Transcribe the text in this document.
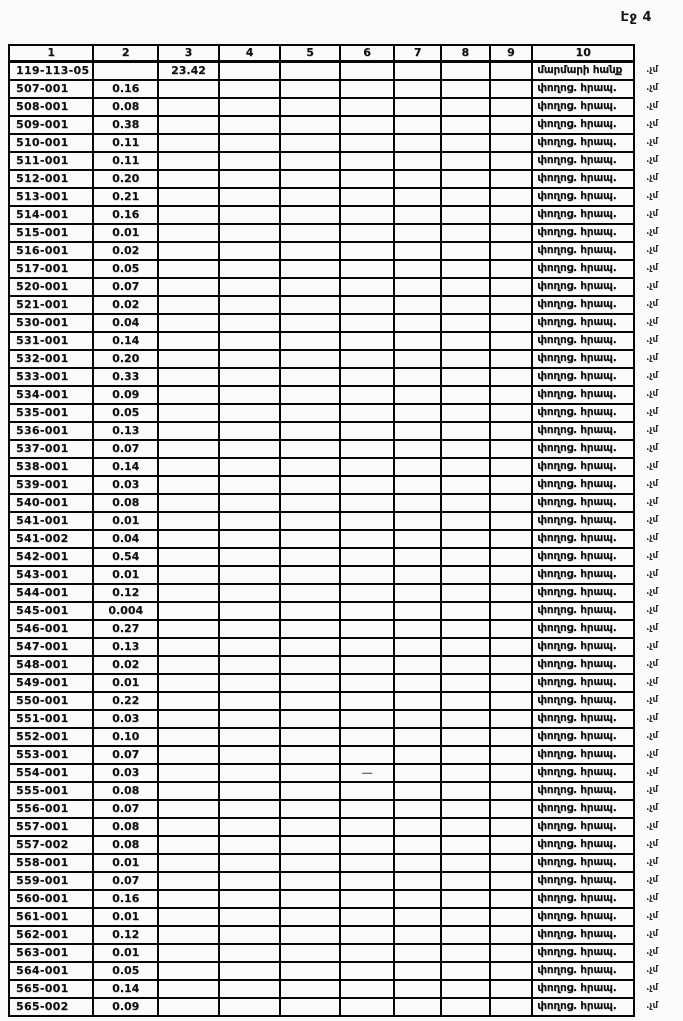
Էջ 4
1	2	3	4	5	6	7	8	9	10	
119-113-05		23.42							մարմարի հանք	.չմ
507-001	0.16								փողոց. հրապ.	.չմ
508-001	0.08								փողոց. հրապ.	.չմ
509-001	0.38								փողոց. հրապ.	.չմ
510-001	0.11								փողոց. հրապ.	.չմ
511-001	0.11								փողոց. հրապ.	.չմ
512-001	0.20								փողոց. հրապ.	.չմ
513-001	0.21								փողոց. հրապ.	.չմ
514-001	0.16								փողոց. հրապ.	.չմ
515-001	0.01								փողոց. հրապ.	.չմ
516-001	0.02								փողոց. հրապ.	.չմ
517-001	0.05								փողոց. հրապ.	.չմ
520-001	0.07								փողոց. հրապ.	.չմ
521-001	0.02								փողոց. հրապ.	.չմ
530-001	0.04								փողոց. հրապ.	.չմ
531-001	0.14								փողոց. հրապ.	.չմ
532-001	0.20								փողոց. հրապ.	.չմ
533-001	0.33								փողոց. հրապ.	.չմ
534-001	0.09								փողոց. հրապ.	.չմ
535-001	0.05								փողոց. հրապ.	.չմ
536-001	0.13								փողոց. հրապ.	.չմ
537-001	0.07								փողոց. հրապ.	.չմ
538-001	0.14								փողոց. հրապ.	.չմ
539-001	0.03								փողոց. հրապ.	.չմ
540-001	0.08								փողոց. հրապ.	.չմ
541-001	0.01								փողոց. հրապ.	.չմ
541-002	0.04								փողոց. հրապ.	.չմ
542-001	0.54								փողոց. հրապ.	.չմ
543-001	0.01								փողոց. հրապ.	.չմ
544-001	0.12								փողոց. հրապ.	.չմ
545-001	0.004								փողոց. հրապ.	.չմ
546-001	0.27								փողոց. հրապ.	.չմ
547-001	0.13								փողոց. հրապ.	.չմ
548-001	0.02								փողոց. հրապ.	.չմ
549-001	0.01								փողոց. հրապ.	.չմ
550-001	0.22								փողոց. հրապ.	.չմ
551-001	0.03								փողոց. հրապ.	.չմ
552-001	0.10								փողոց. հրապ.	.չմ
553-001	0.07								փողոց. հրապ.	.չմ
554-001	0.03				—				փողոց. հրապ.	.չմ
555-001	0.08								փողոց. հրապ.	.չմ
556-001	0.07								փողոց. հրապ.	.չմ
557-001	0.08								փողոց. հրապ.	.չմ
557-002	0.08								փողոց. հրապ.	.չմ
558-001	0.01								փողոց. հրապ.	.չմ
559-001	0.07								փողոց. հրապ.	.չմ
560-001	0.16								փողոց. հրապ.	.չմ
561-001	0.01								փողոց. հրապ.	.չմ
562-001	0.12								փողոց. հրապ.	.չմ
563-001	0.01								փողոց. հրապ.	.չմ
564-001	0.05								փողոց. հրապ.	.չմ
565-001	0.14								փողոց. հրապ.	.չմ
565-002	0.09								փողոց. հրապ.	.չմ
